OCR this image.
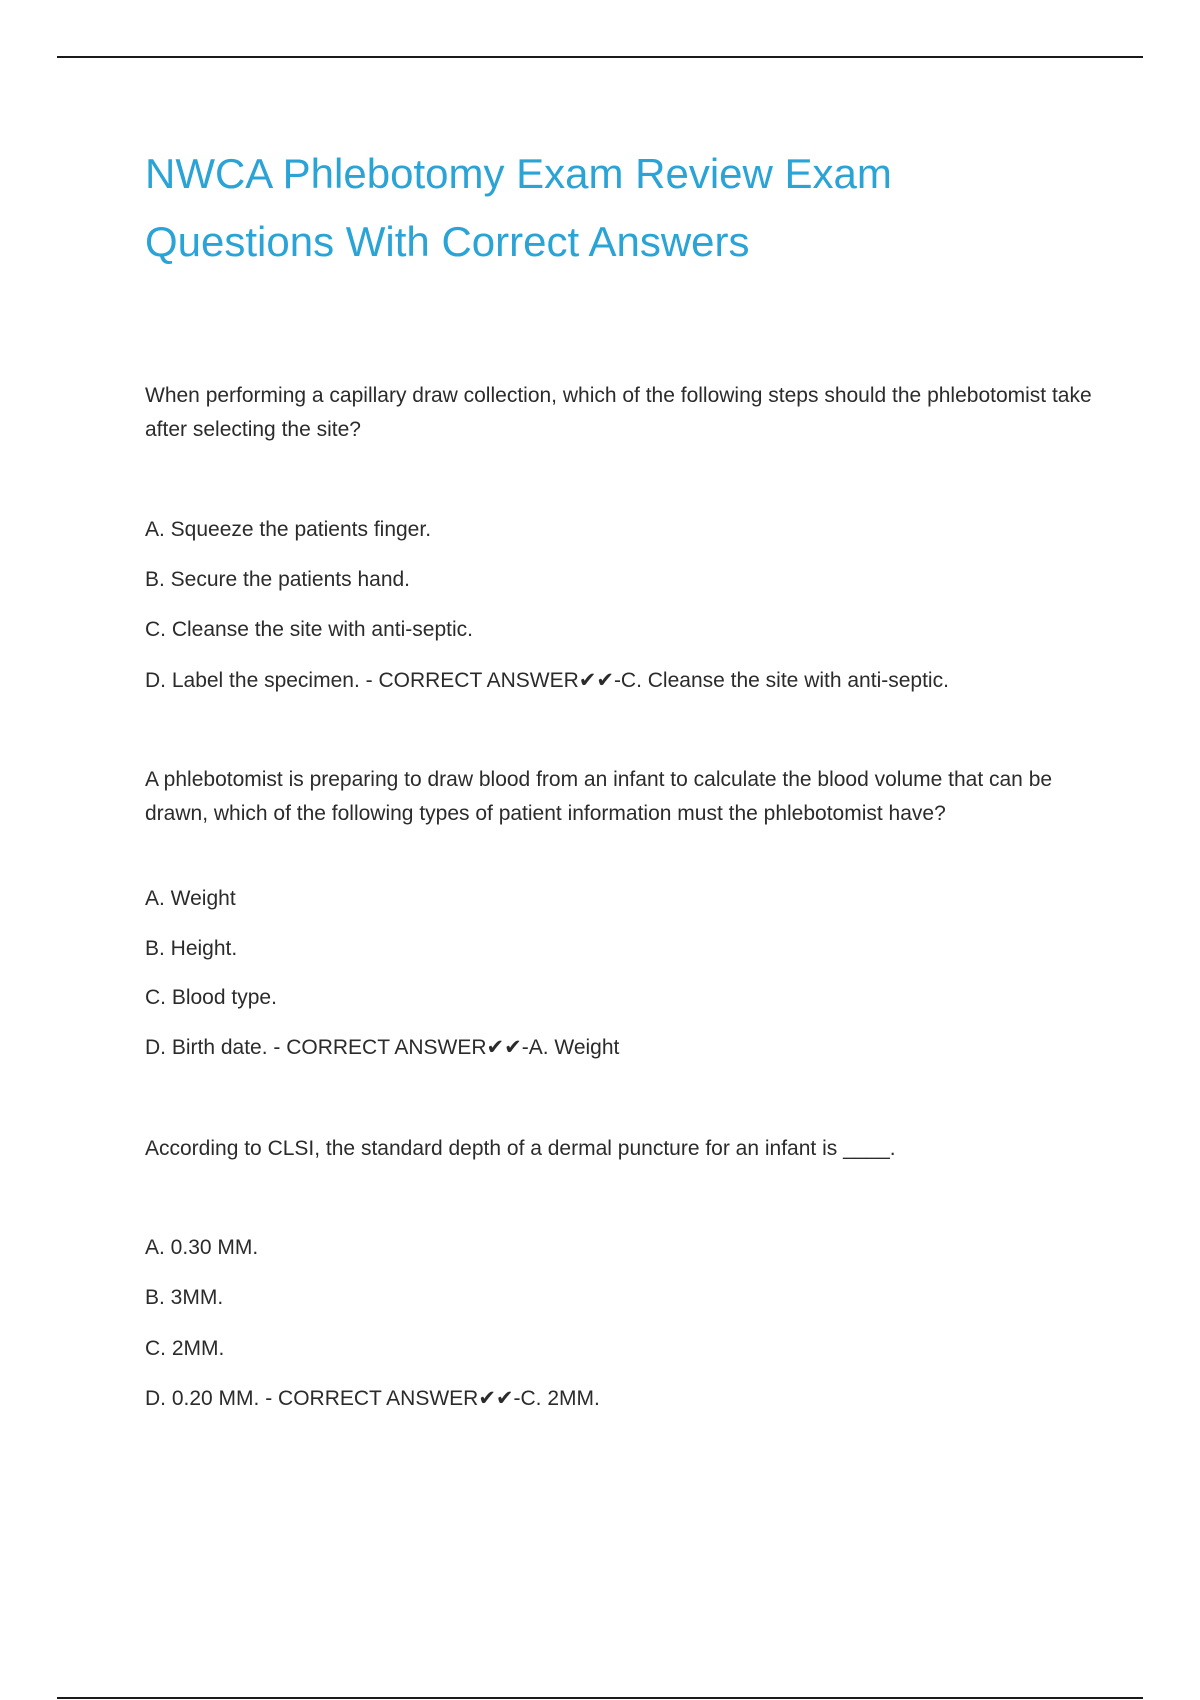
NWCA Phlebotomy Exam Review Exam Questions With Correct Answers

When performing a capillary draw collection, which of the following steps should the phlebotomist take after selecting the site?

A. Squeeze the patients finger.

B. Secure the patients hand.

C. Cleanse the site with anti-septic.

D. Label the specimen. - CORRECT ANSWER✔✔-C. Cleanse the site with anti-septic.

A phlebotomist is preparing to draw blood from an infant to calculate the blood volume that can be drawn, which of the following types of patient information must the phlebotomist have?

A. Weight

B. Height.

C. Blood type.

D. Birth date. - CORRECT ANSWER✔✔-A. Weight

According to CLSI, the standard depth of a dermal puncture for an infant is ____.

A. 0.30 MM.

B. 3MM.

C. 2MM.

D. 0.20 MM. - CORRECT ANSWER✔✔-C. 2MM.
